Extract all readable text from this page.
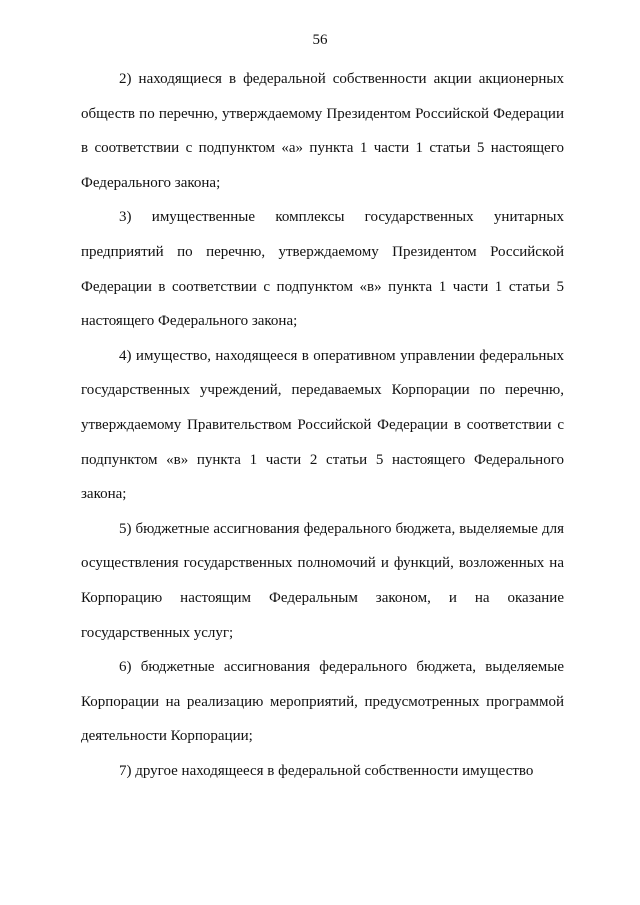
56

2) находящиеся в федеральной собственности акции акционерных обществ по перечню, утверждаемому Президентом Российской Федерации в соответствии с подпунктом «а» пункта 1 части 1 статьи 5 настоящего Федерального закона;

3) имущественные комплексы государственных унитарных предприятий по перечню, утверждаемому Президентом Российской Федерации в соответствии с подпунктом «в» пункта 1 части 1 статьи 5 настоящего Федерального закона;

4) имущество, находящееся в оперативном управлении федеральных государственных учреждений, передаваемых Корпорации по перечню, утверждаемому Правительством Российской Федерации в соответствии с подпунктом «в» пункта 1 части 2 статьи 5 настоящего Федерального закона;

5) бюджетные ассигнования федерального бюджета, выделяемые для осуществления государственных полномочий и функций, возложенных на Корпорацию настоящим Федеральным законом, и на оказание государственных услуг;

6) бюджетные ассигнования федерального бюджета, выделяемые Корпорации на реализацию мероприятий, предусмотренных программой деятельности Корпорации;

7) другое находящееся в федеральной собственности имущество
